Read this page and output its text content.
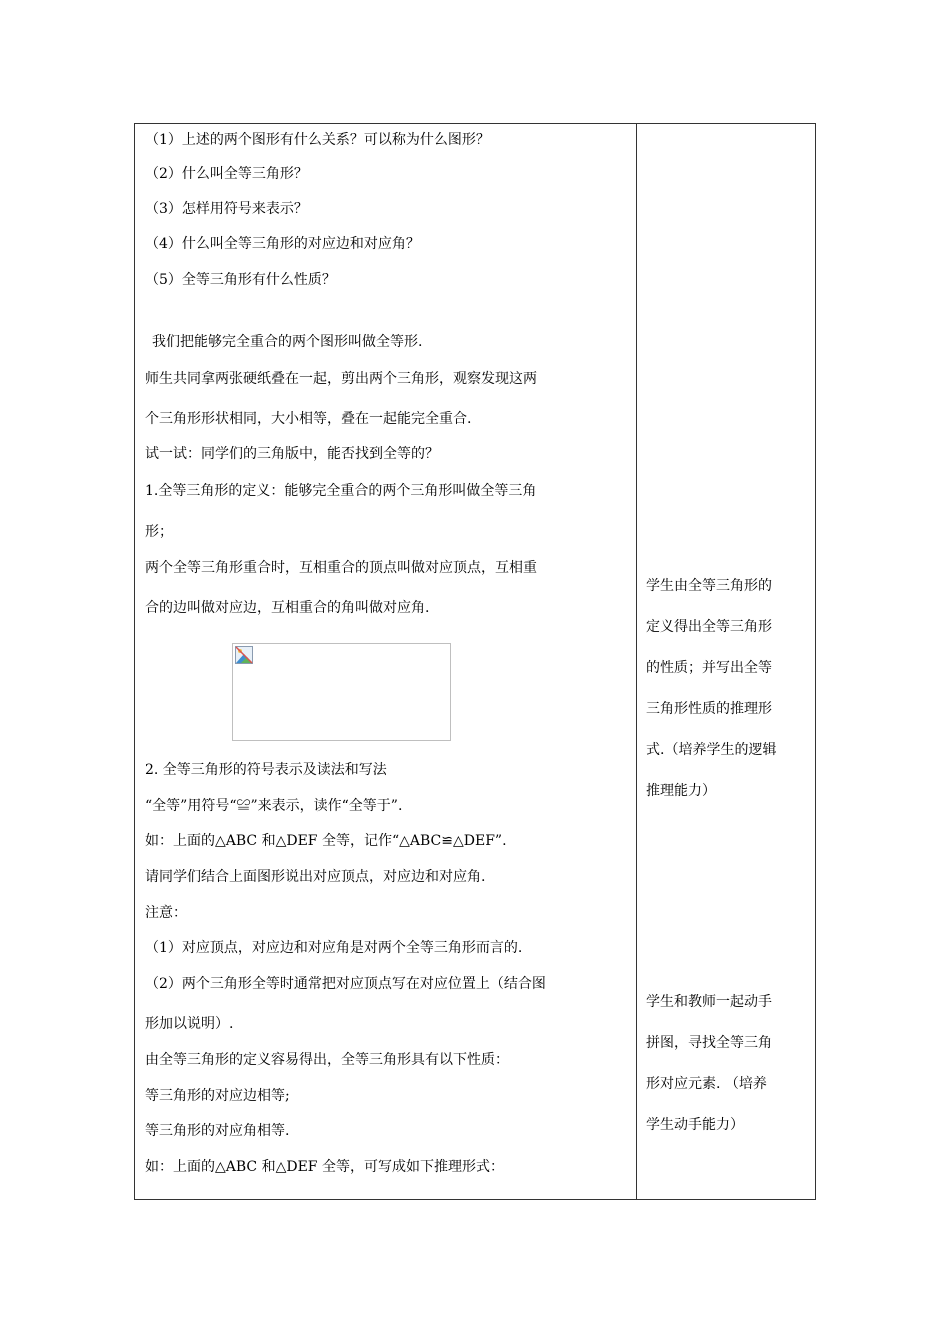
（1）上述的两个图形有什么关系？可以称为什么图形？
（2）什么叫全等三角形？
（3）怎样用符号来表示？
（4）什么叫全等三角形的对应边和对应角？
（5）全等三角形有什么性质？
我们把能够完全重合的两个图形叫做全等形.
师生共同拿两张硬纸叠在一起，剪出两个三角形，观察发现这两
个三角形形状相同，大小相等，叠在一起能完全重合.
试一试：同学们的三角版中，能否找到全等的？
1.全等三角形的定义：能够完全重合的两个三角形叫做全等三角
形；
两个全等三角形重合时，互相重合的顶点叫做对应顶点，互相重
合的边叫做对应边，互相重合的角叫做对应角.
2. 全等三角形的符号表示及读法和写法
“全等”用符号“≌”来表示，读作“全等于”.
如：上面的△ABC 和△DEF 全等，记作“△ABC≌△DEF”.
请同学们结合上面图形说出对应顶点，对应边和对应角.
注意：
（1）对应顶点，对应边和对应角是对两个全等三角形而言的.
（2）两个三角形全等时通常把对应顶点写在对应位置上（结合图
形加以说明）.
由全等三角形的定义容易得出，全等三角形具有以下性质：
等三角形的对应边相等;
等三角形的对应角相等.
如：上面的△ABC 和△DEF 全等，可写成如下推理形式：
学生由全等三角形的
定义得出全等三角形
的性质；并写出全等
三角形性质的推理形
式.（培养学生的逻辑
推理能力）
学生和教师一起动手
拼图，寻找全等三角
形对应元素. （培养
学生动手能力）
